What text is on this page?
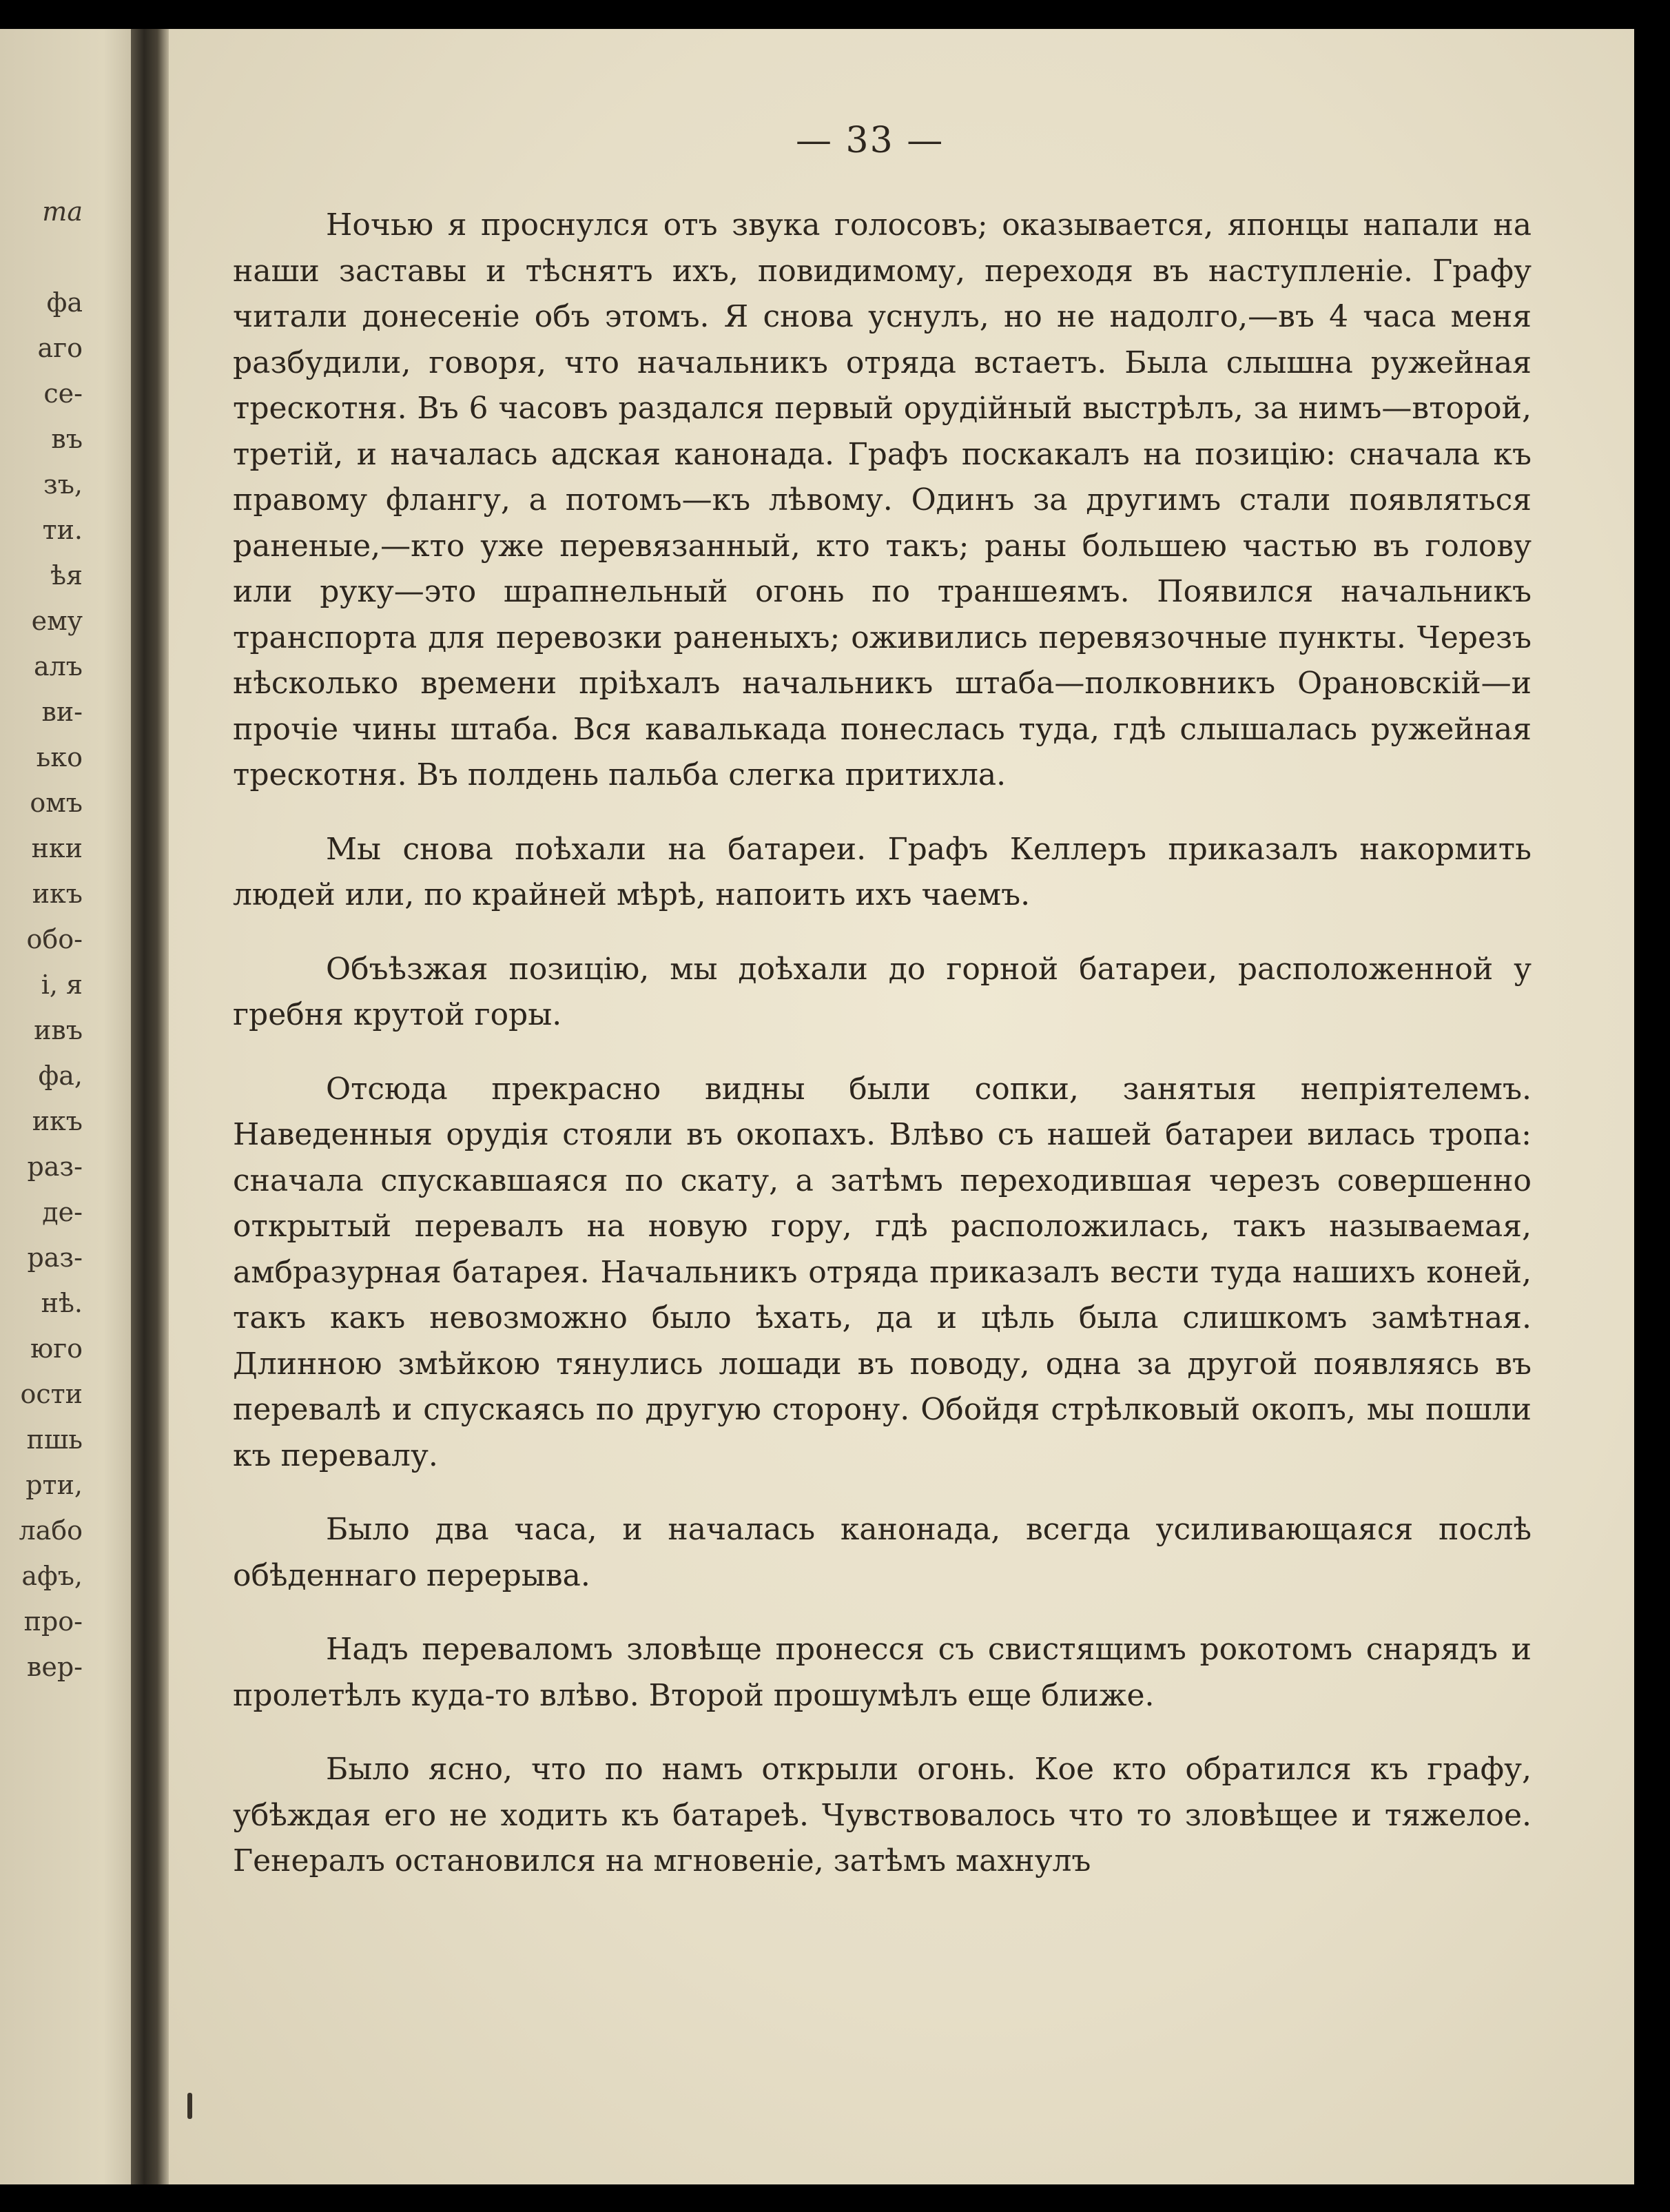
ma
фа
аго
се-
въ
зъ,
ти.
ѣя
ему
алъ
ви-
ько
омъ
нки
икъ
обо-
і, я
ивъ
фа,
икъ
раз-
де-
раз-
нѣ.
юго
ости
пшь
рти,
лабо
афъ,
про-
вер-
— 33 —

Ночью я проснулся отъ звука голосовъ; оказывается, японцы напали на наши заставы и тѣснятъ ихъ, повидимому, переходя въ наступленіе. Графу читали донесеніе объ этомъ. Я снова уснулъ, но не надолго,—въ 4 часа меня разбудили, говоря, что начальникъ отряда встаетъ. Была слышна ружейная трескотня. Въ 6 часовъ раздался первый орудійный выстрѣлъ, за нимъ—второй, третій, и началась адская канонада. Графъ поскакалъ на позицію: сначала къ правому флангу, а потомъ—къ лѣвому. Одинъ за другимъ стали появляться раненые,—кто уже перевязанный, кто такъ; раны большею частью въ голову или руку—это шрапнельный огонь по траншеямъ. Появился начальникъ транспорта для перевозки раненыхъ; оживились перевязочные пункты. Черезъ нѣсколько времени пріѣхалъ начальникъ штаба—полковникъ Орановскій—и прочіе чины штаба. Вся кавалькада понеслась туда, гдѣ слышалась ружейная трескотня. Въ полдень пальба слегка притихла.

Мы снова поѣхали на батареи. Графъ Келлеръ приказалъ накормить людей или, по крайней мѣрѣ, напоить ихъ чаемъ.

Объѣзжая позицію, мы доѣхали до горной батареи, расположенной у гребня крутой горы.

Отсюда прекрасно видны были сопки, занятыя непріятелемъ. Наведенныя орудія стояли въ окопахъ. Влѣво съ нашей батареи вилась тропа: сначала спускавшаяся по скату, а затѣмъ переходившая черезъ совершенно открытый перевалъ на новую гору, гдѣ расположилась, такъ называемая, амбразурная батарея. Начальникъ отряда приказалъ вести туда нашихъ коней, такъ какъ невозможно было ѣхать, да и цѣль была слишкомъ замѣтная. Длинною змѣйкою тянулись лошади въ поводу, одна за другой появляясь въ перевалѣ и спускаясь по другую сторону. Обойдя стрѣлковый окопъ, мы пошли къ перевалу.

Было два часа, и началась канонада, всегда усиливающаяся послѣ обѣденнаго перерыва.

Надъ переваломъ зловѣще пронесся съ свистящимъ рокотомъ снарядъ и пролетѣлъ куда-то влѣво. Второй прошумѣлъ еще ближе.

Было ясно, что по намъ открыли огонь. Кое кто обратился къ графу, убѣждая его не ходить къ батареѣ. Чувствовалось что то зловѣщее и тяжелое. Генералъ остановился на мгновеніе, затѣмъ махнулъ
